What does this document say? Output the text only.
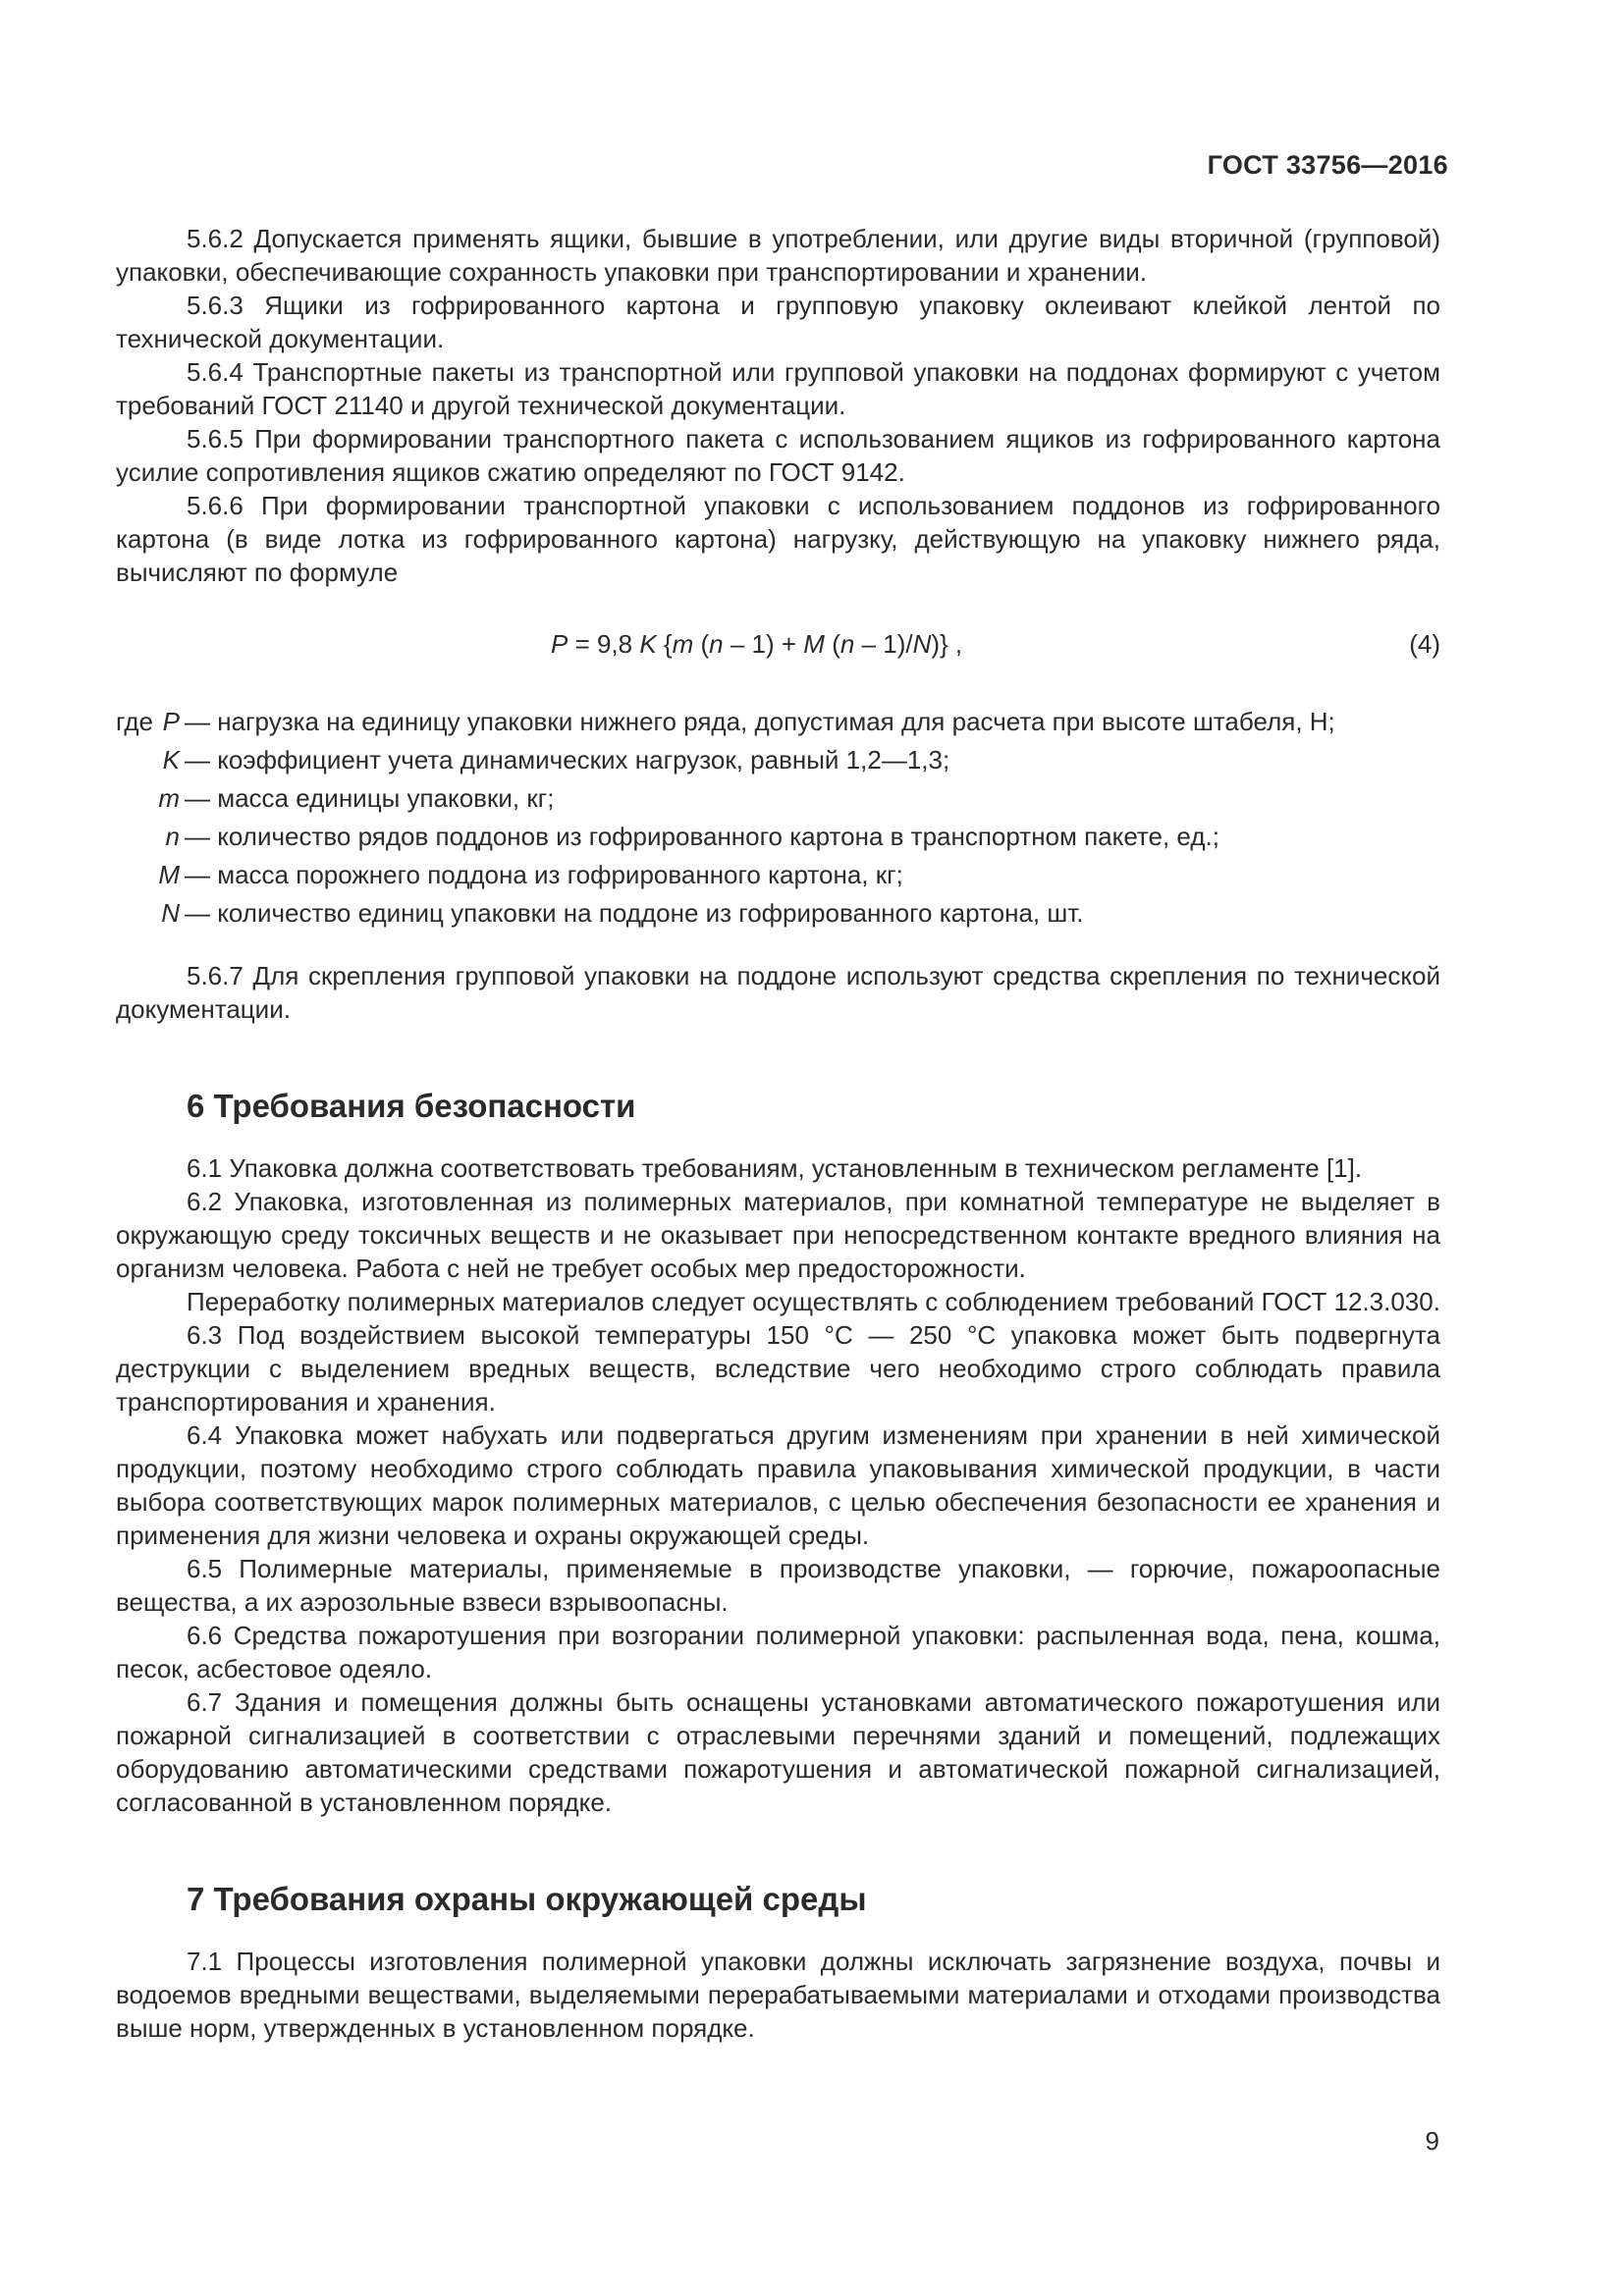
ГОСТ 33756—2016

5.6.2 Допускается применять ящики, бывшие в употреблении, или другие виды вторичной (групповой) упаковки, обеспечивающие сохранность упаковки при транспортировании и хранении.

5.6.3 Ящики из гофрированного картона и групповую упаковку оклеивают клейкой лентой по технической документации.

5.6.4 Транспортные пакеты из транспортной или групповой упаковки на поддонах формируют с учетом требований ГОСТ 21140 и другой технической документации.

5.6.5 При формировании транспортного пакета с использованием ящиков из гофрированного картона усилие сопротивления ящиков сжатию определяют по ГОСТ 9142.

5.6.6 При формировании транспортной упаковки с использованием поддонов из гофрированного картона (в виде лотка из гофрированного картона) нагрузку, действующую на упаковку нижнего ряда, вычисляют по формуле

P = 9,8 K {m (n – 1) + M (n – 1)/N)} ,	(4)
где P — нагрузка на единицу упаковки нижнего ряда, допустимая для расчета при высоте штабеля, Н;
K — коэффициент учета динамических нагрузок, равный 1,2—1,3;
m — масса единицы упаковки, кг;
n — количество рядов поддонов из гофрированного картона в транспортном пакете, ед.;
M — масса порожнего поддона из гофрированного картона, кг;
N — количество единиц упаковки на поддоне из гофрированного картона, шт.

5.6.7 Для скрепления групповой упаковки на поддоне используют средства скрепления по технической документации.

6 Требования безопасности

6.1 Упаковка должна соответствовать требованиям, установленным в техническом регламенте [1].

6.2 Упаковка, изготовленная из полимерных материалов, при комнатной температуре не выделяет в окружающую среду токсичных веществ и не оказывает при непосредственном контакте вредного влияния на организм человека. Работа с ней не требует особых мер предосторожности.

Переработку полимерных материалов следует осуществлять с соблюдением требований ГОСТ 12.3.030.

6.3 Под воздействием высокой температуры 150 °С — 250 °С упаковка может быть подвергнута деструкции с выделением вредных веществ, вследствие чего необходимо строго соблюдать правила транспортирования и хранения.

6.4 Упаковка может набухать или подвергаться другим изменениям при хранении в ней химической продукции, поэтому необходимо строго соблюдать правила упаковывания химической продукции, в части выбора соответствующих марок полимерных материалов, с целью обеспечения безопасности ее хранения и применения для жизни человека и охраны окружающей среды.

6.5 Полимерные материалы, применяемые в производстве упаковки, — горючие, пожароопасные вещества, а их аэрозольные взвеси взрывоопасны.

6.6 Средства пожаротушения при возгорании полимерной упаковки: распыленная вода, пена, кошма, песок, асбестовое одеяло.

6.7 Здания и помещения должны быть оснащены установками автоматического пожаротушения или пожарной сигнализацией в соответствии с отраслевыми перечнями зданий и помещений, подлежащих оборудованию автоматическими средствами пожаротушения и автоматической пожарной сигнализацией, согласованной в установленном порядке.

7 Требования охраны окружающей среды

7.1 Процессы изготовления полимерной упаковки должны исключать загрязнение воздуха, почвы и водоемов вредными веществами, выделяемыми перерабатываемыми материалами и отходами производства выше норм, утвержденных в установленном порядке.

9
